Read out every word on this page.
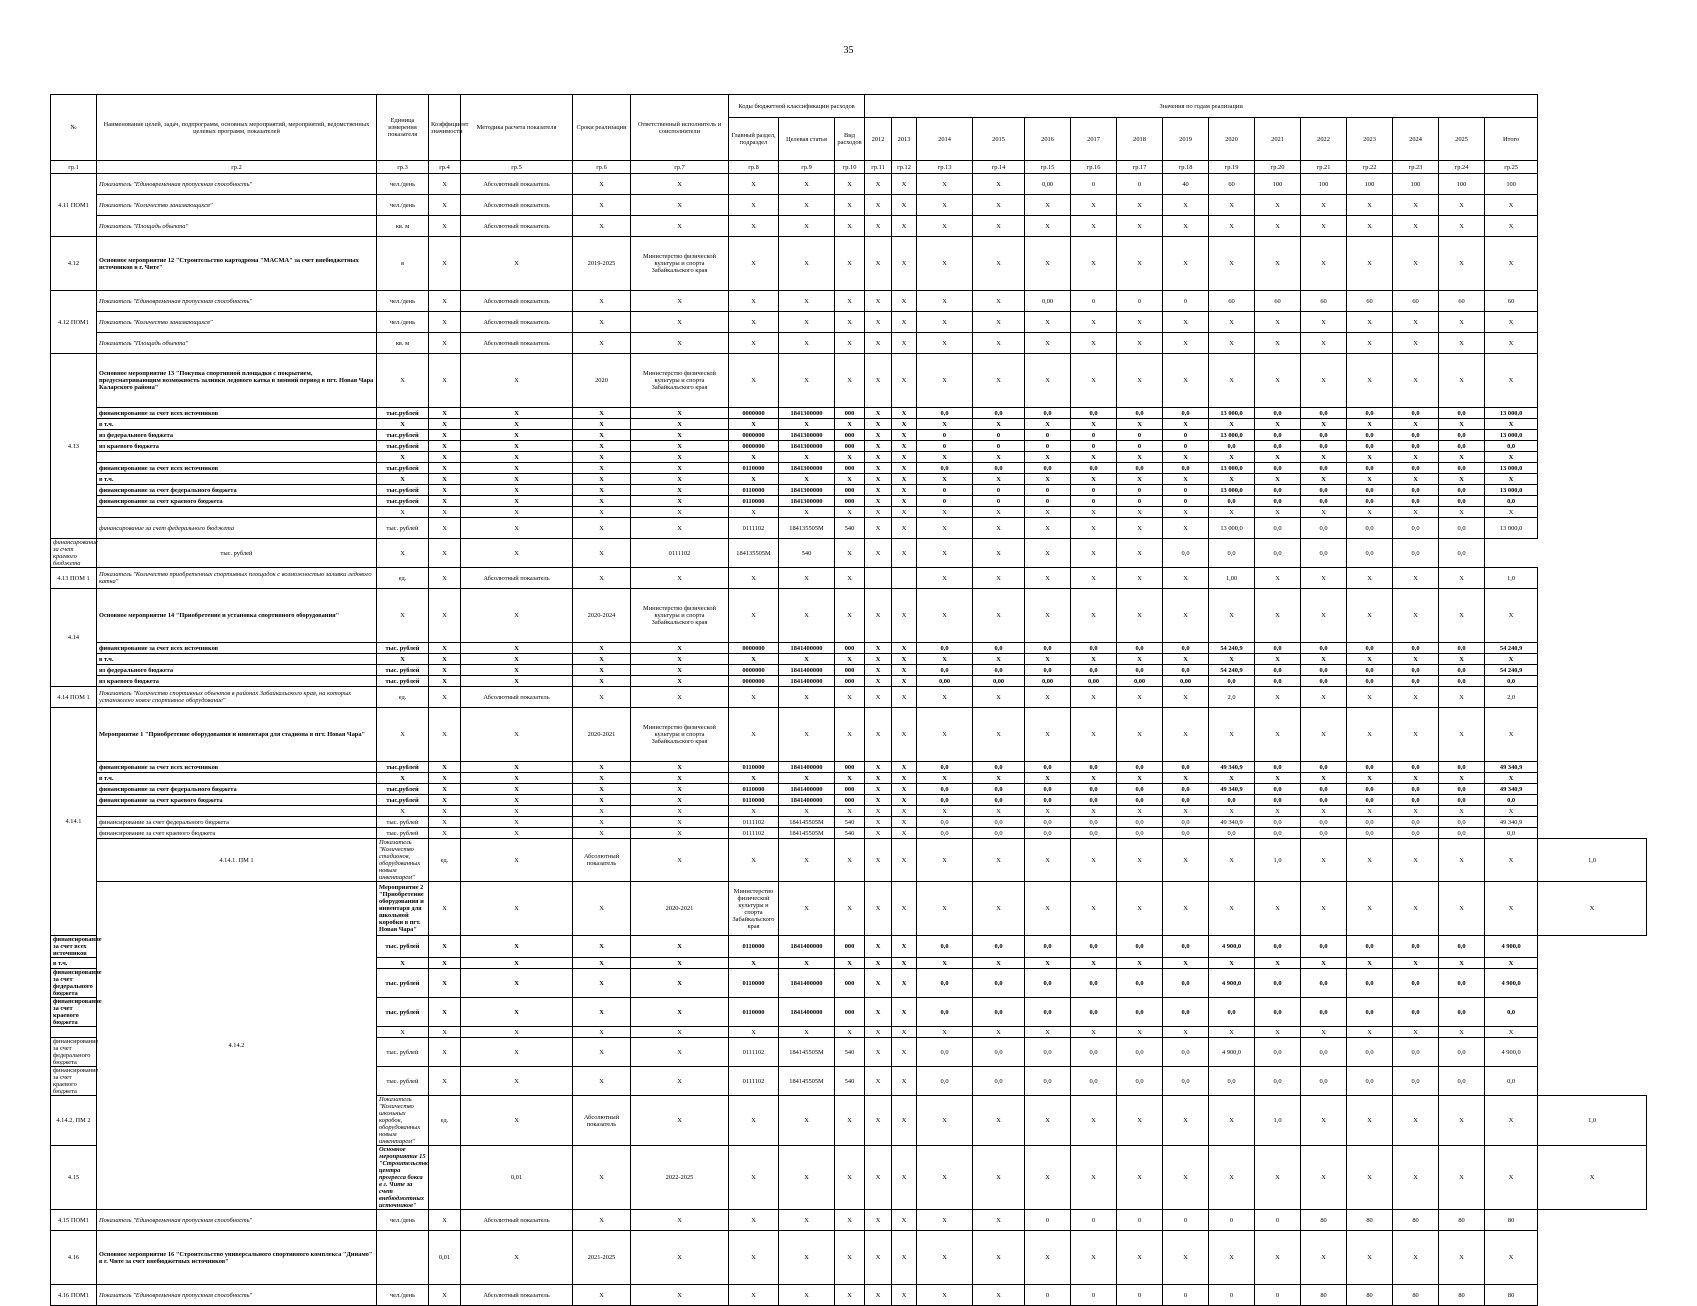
35
№	Наименование целей, задач, подпрограмм, основных мероприятий, мероприятий, ведомственных целевых программ, показателей	Единица измерения показателя	Коэффициент значимости	Методика расчета показателя	Сроки реализации	Ответственный исполнитель и соисполнители	Коды бюджетной классификации расходов			Значения по годам реализации															
							Главный раздел, подраздел	Целевая статья	Вид расходов	2012	2013	2014	2015	2016	2017	2018	2019	2020	2021	2022	2023	2024	2025	Итого	
гр.1	гр.2	гр.3	гр.4	гр.5	гр.6	гр.7	гр.8	гр.9	гр.10	гр.11	гр.12	гр.13	гр.14	гр.15	гр.16	гр.17	гр.18	гр.19	гр.20	гр.21	гр.22	гр.23	гр.24	гр.25	
4.11 ПОМ1	Показатель "Единовременная пропускная способность"	чел./день	X	Абсолютный показатель	X	X	X	X	X	X	X	X	X	0,00	0	0	40	60	100	100	100	100	100	100	
	Показатель "Количество занимающихся"	чел./день	X	Абсолютный показатель	X	X	X	X	X	X	X	X	X	X	X	X	X	X	X	X	X	X	X	X	
	Показатель "Площадь объекта"	кв. м	X	Абсолютный показатель	X	X	X	X	X	X	X	X	X	X	X	X	X	X	X	X	X	X	X	X	
4.12	Основное мероприятие 12 "Строительство картодрома "МАСМА" за счет внебюджетных источников в г. Чите"	я	X	X	2019-2025	Министерство физической культуры и спорта Забайкальского края	X	X	X	X	X	X	X	X	X	X	X	X	X	X	X	X	X	X	
4.12 ПОМ1	Показатель "Единовременная пропускная способность"	чел./день	X	Абсолютный показатель	X	X	X	X	X	X	X	X	X	0,00	0	0	0	60	60	60	60	60	60	60	
	Показатель "Количество занимающихся"	чел./день	X	Абсолютный показатель	X	X	X	X	X	X	X	X	X	X	X	X	X	X	X	X	X	X	X	X	
	Показатель "Площадь объекта"	кв. м	X	Абсолютный показатель	X	X	X	X	X	X	X	X	X	X	X	X	X	X	X	X	X	X	X	X	
4.13	Основное мероприятие 13 "Покупка спортивной площадки с покрытием, предусматривающим возможность заливки ледового катка в зимний период в пгт. Новая Чара Каларского района"	X	X	X	2020	Министерство физической культуры и спорта Забайкальского края	X	X	X	X	X	X	X	X	X	X	X	X	X	X	X	X	X	X	
	финансирование за счет всех источников	тыс.рублей	X	X	X	X	0000000	1841300000	000	X	X	0,0	0,0	0,0	0,0	0,0	0,0	13 000,0	0,0	0,0	0,0	0,0	0,0	13 000,0	
	в т.ч.	X	X	X	X	X	X	X	X	X	X	X	X	X	X	X	X	X	X	X	X	X	X	X	
	из федерального бюджета	тыс.рублей	X	X	X	X	0000000	1841300000	000	X	X	0	0	0	0	0	0	13 000,0	0,0	0,0	0,0	0,0	0,0	13 000,0	
	из краевого бюджета	тыс.рублей	X	X	X	X	0000000	1841300000	000	X	X	0	0	0	0	0	0	0,0	0,0	0,0	0,0	0,0	0,0	0,0	
		X	X	X	X	X	X	X	X	X	X	X	X	X	X	X	X	X	X	X	X	X	X	X	
	финансирование за счет всех источников	тыс.рублей	X	X	X	X	0110000	1841300000	000	X	X	0,0	0,0	0,0	0,0	0,0	0,0	13 000,0	0,0	0,0	0,0	0,0	0,0	13 000,0	
	в т.ч.	X	X	X	X	X	X	X	X	X	X	X	X	X	X	X	X	X	X	X	X	X	X	X	
	финансирование за счет федерального бюджета	тыс.рублей	X	X	X	X	0110000	1841300000	000	X	X	0	0	0	0	0	0	13 000,0	0,0	0,0	0,0	0,0	0,0	13 000,0	
	финансирование за счет краевого бюджета	тыс.рублей	X	X	X	X	0110000	1841300000	000	X	X	0	0	0	0	0	0	0,0	0,0	0,0	0,0	0,0	0,0	0,0	
		X	X	X	X	X	X	X	X	X	X	X	X	X	X	X	X	X	X	X	X	X	X	X	
	финансирование за счет федерального бюджета	тыс. рублей	X	X	X	X	0111102	184135505М	540	X	X	X	X	X	X	X	X	13 000,0	0,0	0,0	0,0	0,0	0,0	13 000,0	
финансирование за счет краевого бюджета	тыс. рублей	X	X	X	X	0111102	184135505М	540	X	X	X	X	X	X	X	X	0,0	0,0	0,0	0,0	0,0	0,0	0,0		
4.13 ПОМ 1	Показатель "Количество приобретенных спортивных площадок с возможностью заливки ледового катка"	ед.	X	Абсолютный показатель	X	X	X	X	X			X	X	X	X	X	X	1,00	X	X	X	X	X	1,0	
4.14	Основное мероприятие 14 "Приобретение и установка спортивного оборудования"	X	X	X	2020-2024	Министерство физической культуры и спорта Забайкальского края	X	X	X	X	X	X	X	X	X	X	X	X	X	X	X	X	X	X	
	финансирование за счет всех источников	тыс. рублей	X	X	X	X	0000000	1841400000	000	X	X	0,0	0,0	0,0	0,0	0,0	0,0	54 240,9	0,0	0,0	0,0	0,0	0,0	54 240,9	
	в т.ч.	X	X	X	X	X	X	X	X	X	X	X	X	X	X	X	X	X	X	X	X	X	X	X	
	из федерального бюджета	тыс. рублей	X	X	X	X	0000000	1841400000	000	X	X	0,0	0,0	0,0	0,0	0,0	0,0	54 240,9	0,0	0,0	0,0	0,0	0,0	54 240,9	
	из краевого бюджета	тыс. рублей	X	X	X	X	0000000	1841400000	000	X	X	0,00	0,00	0,00	0,00	0,00	0,00	0,0	0,0	0,0	0,0	0,0	0,0	0,0	
4.14 ПОМ 1	Показатель "Количество спортивных объектов в районах Забайкальского края, на которых установлено новое спортивное оборудование"	ед.	X	Абсолютный показатель	X	X	X	X	X	X	X	X	X	X	X	X	X	2,0	X	X	X	X	X	2,0	
4.14.1	Мероприятие 1 "Приобретение оборудования и инвентаря для стадиона в пгт. Новая Чара"	X	X	X	2020-2021	Министерство физической культуры и спорта Забайкальского края	X	X	X	X	X	X	X	X	X	X	X	X	X	X	X	X	X	X	
	финансирование за счет всех источников	тыс.рублей	X	X	X	X	0110000	1841400000	000	X	X	0,0	0,0	0,0	0,0	0,0	0,0	49 340,9	0,0	0,0	0,0	0,0	0,0	49 340,9	
	в т.ч.	X	X	X	X	X	X	X	X	X	X	X	X	X	X	X	X	X	X	X	X	X	X	X	
	финансирование за счет федерального бюджета	тыс.рублей	X	X	X	X	0110000	1841400000	000	X	X	0,0	0,0	0,0	0,0	0,0	0,0	49 340,9	0,0	0,0	0,0	0,0	0,0	49 340,9	
	финансирование за счет краевого бюджета	тыс.рублей	X	X	X	X	0110000	1841400000	000	X	X	0,0	0,0	0,0	0,0	0,0	0,0	0,0	0,0	0,0	0,0	0,0	0,0	0,0	
		X	X	X	X	X	X	X	X	X	X	X	X	X	X	X	X	X	X	X	X	X	X	X	
	финансирование за счет федерального бюджета	тыс. рублей	X	X	X	X	0111102	184145505М	540	X	X	0,0	0,0	0,0	0,0	0,0	0,0	49 340,9	0,0	0,0	0,0	0,0	0,0	49 340,9	
	финансирование за счет краевого бюджета	тыс. рублей	X	X	X	X	0111102	184145505М	540	X	X	0,0	0,0	0,0	0,0	0,0	0,0	0,0	0,0	0,0	0,0	0,0	0,0	0,0	
	4.14.1. ПМ 1	Показатель "Количество стадионов, оборудованных новым инвентарем"	ед.	X	Абсолютный показатель	X	X	X	X	X	X	X	X	X	X	X	X	X	1,0	X	X	X	X	X	1,0
	4.14.2	Мероприятие 2 "Приобретение оборудования и инвентаря для школьной коробки в пгт. Новая Чара"	X	X	X	2020-2021	Министерство физической культуры и спорта Забайкальского края	X	X	X	X	X	X	X	X	X	X	X	X	X	X	X	X	X	X
финансирование за счет всех источников		тыс. рублей	X	X	X	X	0110000	1841400000	000	X	X	0,0	0,0	0,0	0,0	0,0	0,0	4 900,0	0,0	0,0	0,0	0,0	0,0	4 900,0	
в т.ч.		X	X	X	X	X	X	X	X	X	X	X	X	X	X	X	X	X	X	X	X	X	X	X	
финансирование за счет федерального бюджета		тыс. рублей	X	X	X	X	0110000	1841400000	000	X	X	0,0	0,0	0,0	0,0	0,0	0,0	4 900,0	0,0	0,0	0,0	0,0	0,0	4 900,0	
финансирование за счет краевого бюджета		тыс. рублей	X	X	X	X	0110000	1841400000	000	X	X	0,0	0,0	0,0	0,0	0,0	0,0	0,0	0,0	0,0	0,0	0,0	0,0	0,0	
		X	X	X	X	X	X	X	X	X	X	X	X	X	X	X	X	X	X	X	X	X	X	X	
финансирование за счет федерального бюджета		тыс. рублей	X	X	X	X	0111102	184145505М	540	X	X	0,0	0,0	0,0	0,0	0,0	0,0	4 900,0	0,0	0,0	0,0	0,0	0,0	4 900,0	
финансирование за счет краевого бюджета		тыс. рублей	X	X	X	X	0111102	184145505М	540	X	X	0,0	0,0	0,0	0,0	0,0	0,0	0,0	0,0	0,0	0,0	0,0	0,0	0,0	
4.14.2. ПМ 2		Показатель "Количество школьных коробок, оборудованных новым инвентарем"	ед.	X	Абсолютный показатель	X	X	X	X	X	X	X	X	X	X	X	X	X	1,0	X	X	X	X	X	1,0
4.15		Основное мероприятие 15 "Строительство центра прогресса бокса в г. Чите за счет внебюджетных источников"		0,01	X	2022-2025	X	X	X	X	X	X	X	X	X	X	X	X	X	X	X	X	X	X	X
4.15 ПОМ1	Показатель "Единовременная пропускная способность"	чел./день	X	Абсолютный показатель	X	X	X	X	X	X	X	X	X	0	0	0	0	0	0	80	80	80	80	80	
4.16	Основное мероприятие 16 "Строительство универсального спортивного комплекса "Динамо" в г. Чите за счет внебюджетных источников"		0,01	X	2021-2025	X	X	X	X	X	X	X	X	X	X	X	X	X	X	X	X	X	X	X	
4.16 ПОМ1	Показатель "Единовременная пропускная способность"	чел./день	X	Абсолютный показатель	X	X	X	X	X	X	X	X	X	0	0	0	0	0	0	80	80	80	80	80	
